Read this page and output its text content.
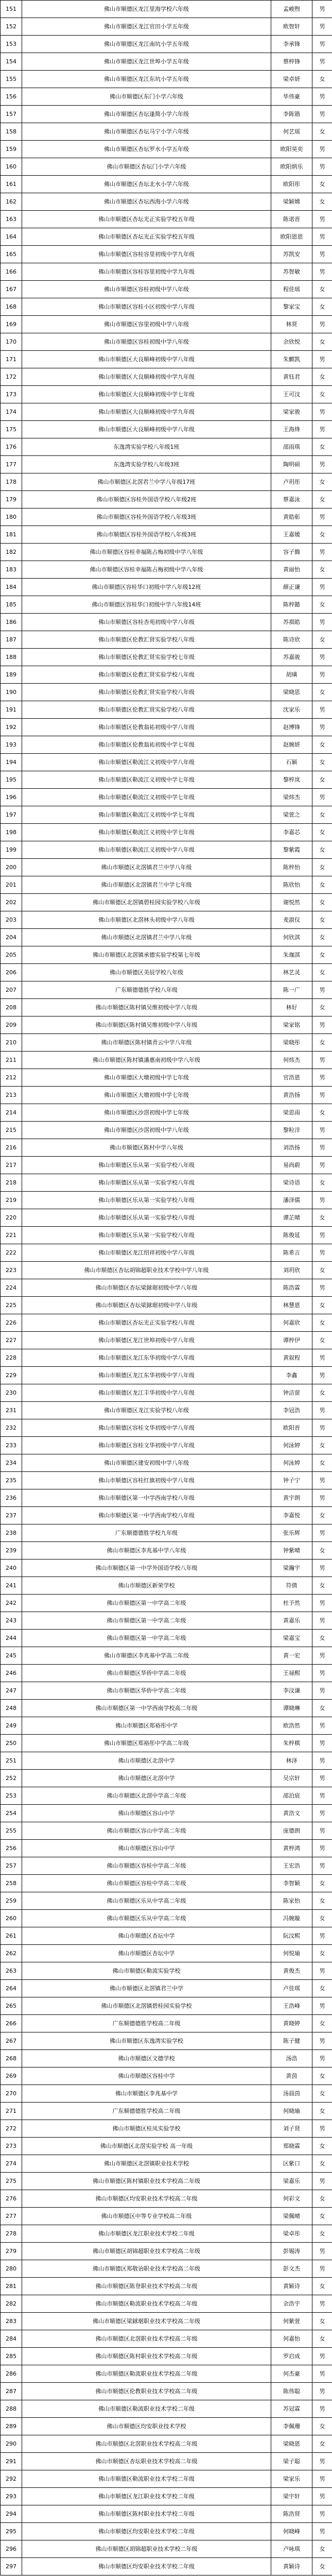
151	佛山市顺德区龙江里海学校六年级	孟峻煦	男
152	佛山市顺德区龙江官田小学五年级	欧智轩	男
153	佛山市顺德区龙江南坑小学五年级	李承锋	男
154	佛山市顺德区龙江世埠小学五年级	蔡梓锋	男
155	佛山市顺德区龙江东坑小学五年级	梁卓妍	女
156	佛山市顺德区东门小学六年级	毕伟豪	男
157	佛山市顺德区杏坛逢简小学六年级	李陈锴	男
158	佛山市顺德区杏坛马宁小学六年级	何艺瑶	女
159	佛山市顺德区杏坛罗水小学五年级	欧阳昊奕	男
160	佛山市顺德区杏坛门小学六年级	欧阳炳乐	男
161	佛山市顺德区杏坛北水小学六年级	欧阳彤	女
162	佛山市顺德区杏坛西海小学六年级	梁颖嫦	女
163	佛山市顺德区杏坛光正实验学校五年级	陈诺晋	男
164	佛山市顺德区杏坛光正实验学校五年级	欧阳恩恩	男
165	佛山市顺德区容桂容里初级中学九年级	苏凯安	男
166	佛山市顺德区容桂容里初级中学九年级	苏智敏	男
167	佛山市顺德区容桂初级中学八年级	程佳瑶	女
168	佛山市顺德区容桂小区初级中学八年级	黎家宝	女
169	佛山市顺德区容里初级中学八年级	林贤	男
170	佛山市顺德区容桂初级中学八年级	余欣悦	女
171	佛山市顺德区大良顺峰初级中学八年级	朱麒凯	男
172	佛山市顺德区大良顺峰初级中学九年级	黄钰君	女
173	佛山市顺德区大良顺峰初级中学七年级	王可汶	女
174	佛山市顺德区大良顺峰初级中学九年级	梁家骏	男
175	佛山市顺德区大良顺峰初级中学八年级	王海烽	男
176	东逸湾实验学校八年级1班	邵雨琪	女
177	东逸湾实验学校八年级3班	陶明硕	男
178	佛山市顺德区北滘君兰中学八年级17班	卢玥彤	女
179	佛山市顺德区容桂外国语学校八年级2班	蔡嘉泳	女
180	佛山市顺德区容桂外国语学校八年级3班	黄皓彰	男
181	佛山市顺德区容桂外国语学校八年级3班	王嘉媛	女
182	佛山市顺德区容桂幸福陈占梅初级中学八年级	容子腾	男
183	佛山市顺德区容桂幸福陈占梅初级中学八年级	黄丽怡	女
184	佛山市顺德区容桂华口初级中学八年级12班	薛正谦	男
185	佛山市顺德区容桂华口初级中学八年级14班	陈梓懿	女
186	佛山市顺德区容桂杏苑初级中学八年级	苏祺皓	男
187	佛山市顺德区伦教汇贤实验学校八年级	陈诗欣	女
188	佛山市顺德区伦教汇贤实验学校七年级	苏嘉骏	男
189	佛山市顺德区伦教汇贤实验学校八年级	胡璜	男
190	佛山市顺德区伦教汇贤实验学校八年级	梁晓思	女
191	佛山市顺德区伦教汇贤实验学校八年级	沈家乐	男
192	佛山市顺德区伦教翁祐初级中学八年级	赵博锋	男
193	佛山市顺德区伦教翁祐初级中学七年级	赵婉妍	女
194	佛山市顺德区勒流江义初级中学八年级	石颖	女
195	佛山市顺德区勒流江义初级中学七年级	黎梓岚	女
196	佛山市顺德区勒流江义初级中学七年级	梁炜杰	男
197	佛山市顺德区勒流江义初级中学七年级	梁萱之	女
198	佛山市顺德区勒流江义初级中学七年级	李嘉芯	女
199	佛山市顺德区勒流江义初级中学八年级	黎紫霞	女
200	佛山市顺德区北滘镇君兰中学八年级	陈梓怡	女
201	佛山市顺德区北滘镇君兰中学七年级	陈欣怡	女
202	佛山市顺德区北滘镇碧桂园实验学校八年级	谢悦然	女
203	佛山市顺德区北滘林头初级中学八年级	麦淑仪	女
204	佛山市顺德区北滘镇君兰中学八年级	何欣淇	女
205	佛山市顺德区北滘镇承德实验学校第七年级	朱珈淇	女
206	佛山市顺德区美辰学校八年级	林艺灵	女
207	广东顺德德胜学校八年级	陈一广	男
208	佛山市顺德区陈村镇吴维初级中学八年级	林好	女
209	佛山市顺德区陈村镇吴维初级中学八年级	梁家铭	男
210	佛山市顺德区陈村镇青云中学八年级	梁晓彤	女
211	佛山市顺德区陈村镇潘惠南初级中学八年级	何炜杰	男
212	佛山市顺德区大墩初级中学七年级	官浩恩	男
213	佛山市顺德区大墩初级中学七年级	黄浩扬	男
214	佛山市顺德区沙滘初级中学七年级	梁思雨	女
215	佛山市顺德区沙滘初级中学八年级	黎粒洋	男
216	佛山市顺德区陈村中学八年级	刘浩扬	男
217	佛山市顺德区乐从第一实验学校八年级	易尚蔚	男
218	佛山市顺德区乐从第一实验学校八年级	梁诗语	女
219	佛山市顺德区乐从第一实验学校八年级	潘泽儒	男
220	佛山市顺德区乐从第一实验学校八年级	谭芷晴	女
221	佛山市顺德区乐从第一实验学校八年级	陈俊延	男
222	佛山市顺德区龙江绍祥初级中学八年级	陈希言	男
223	佛山市顺德区杏坛胡锦超职业技术学校中学八年级	刘玥欣	女
224	佛山市顺德区杏坛梁銶琚初级中学八年级	陈浩霖	男
225	佛山市顺德区杏坛梁銶琚初级中学八年级	林慧恩	女
226	佛山市顺德区杏坛光正实验学校八年级	何嘉欣	女
227	佛山市顺德区龙江世埠初级中学八年级	谭梓伊	女
228	佛山市顺德区龙江东华初级中学八年级	黄叙程	男
229	佛山市顺德区龙江东华初级中学八年级	李鑫	男
230	佛山市顺德区龙江丰华初级中学八年级	钟洁萤	女
231	佛山市顺德区龙江实验学校八年级	李冠浩	男
232	佛山市顺德区容桂文华初级中学八年级	欧阳晋	男
233	佛山市顺德区容桂文华初级中学八年级	何泳婷	女
234	佛山市顺德区建安初级中学八年级	何泳婷	女
235	佛山市顺德区容桂红旗初级中学八年级	钟子宁	男
236	佛山市顺德区第一中学西南学校八年级	黄宇朗	男
237	佛山市顺德区第一中学西南学校八年级	李嘉悦	女
238	广东顺德德胜学校九年级	张乐辉	男
239	佛山市顺德区李兆基中学八年级	钟紫晴	女
240	佛山市顺德区第一中学外国语学校八年级	梁瀚宇	男
241	佛山市顺德区新荣学校	符倩	女
242	佛山市顺德区第一中学高二年级	杜予然	男
243	佛山市顺德区第一中学高二年级	黄嘉乐	男
244	佛山市顺德区第一中学高二年级	梁嘉宝	女
245	佛山市顺德区李兆基中学高二年级	黄一宏	男
246	佛山市顺德区华侨中学高二年级	王禄熙	男
247	佛山市顺德区华侨中学高二年级	李汶谦	男
248	佛山市顺德区第一中学西南学校高二年级	谭晓琳	女
249	佛山市顺德区郑裕彤中学	欧浩然	男
250	佛山市顺德区郑裕彤中学高二年级	朱梓棋	男
251	佛山市顺德区北滘中学	林泽	男
252	佛山市顺德区北滘中学	吴宗轩	男
253	佛山市顺德区北滘中学高二年级	邵泊宸	男
254	佛山市顺德区容山中学	黄浩文	男
255	佛山市顺德区容山中学高二年级	庞德朗	男
256	佛山市顺德区容山中学	黄梓鸿	男
257	佛山市顺德区容桂中学高二年级	王宏浩	男
258	佛山市顺德区容桂中学高二年级	李智颖	女
259	佛山市顺德区乐从中学高二年级	陈家怡	女
260	佛山市顺德区乐从中学高二年级	冯婉璇	女
261	佛山市顺德区杏坛中学	阮汶熙	男
262	佛山市顺德区杏坛中学	何悦瑜	女
263	佛山市顺德区勒流实验学校	黄俊杰	男
264	佛山市顺德区北滘镇君兰中学	卢佳琪	女
265	佛山市顺德区北滘镇碧桂园实验学校	王浩峰	男
266	广东顺德德胜学校高二年级	黄晓婷	女
267	佛山市顺德区东逸湾实验学校	陈子健	男
268	佛山市顺德区文德学校	汤浩	男
269	佛山市顺德区容桂中学	黄茵	女
270	佛山市顺德区李兆基中学	汤晨茵	女
271	广东顺德德胜学校高二年级	何晓瑜	女
272	佛山市顺德区桂凤实验学校	刘子贤	男
273	佛山市顺德区北滘实验学校 高一年级	郑晓霖	女
274	佛山市顺德区北滘镇职业技术学校	区紫口	女
275	佛山市顺德区陈村镇职业技术学校高二年级	梁嘉乐	男
276	佛山市顺德区均安职业技术学校高二年级	何彩文	女
277	佛山市顺德区中等专业学校高二年级	梁佩晴	女
278	佛山市顺德区龙江职业技术学校二年级	梁卓彤	女
279	佛山市顺德区胡锦超职业技术学校高二年级	彭锡涛	男
280	佛山市顺德区郑敬诒职业技术学校高二年级	彭文杰	男
281	佛山市顺德区陈登职业技术学校高二年级	黄颖诗	女
282	佛山市顺德区勒流职业技术学校高二年级	余浩宇	男
283	佛山市顺德区梁銶琚职业技术学校高二年级	何紫萱	女
284	佛山市顺德区北滘职业技术学校高二年级	何嘉怡	女
285	佛山市顺德区陈村职业技术学校高二年级	罗启成	男
286	佛山市顺德区勒流职业技术学校高二年级	何杰豪	男
287	佛山市顺德区伦教职业技术学校高二年级	陈伟聪	男
288	佛山市顺德区勒流职业技术学校二年级	苏冠霖	男
289	佛山市顺德区均安职业技术学校	李佩珊	女
290	佛山市顺德区北滘职业技术学校高二年级	梁晓恩	女
291	佛山市顺德区杏坛职业技术学校高二年级	梁子聪	男
292	佛山市顺德区勒流职业技术学校二年级	梁家乐	男
293	佛山市顺德区龙江职业技术学校二年级	梁宇轩	男
294	佛山市顺德区陈村职业技术学校二年级	陈浩贤	男
295	佛山市顺德区均安职业技术学校二年级	何晓峰	男
296	佛山市顺德区胡锦超职业技术学校二年级	卢咏琪	女
297	佛山市顺德区均安职业技术学校二年级	黄颖诗	女
